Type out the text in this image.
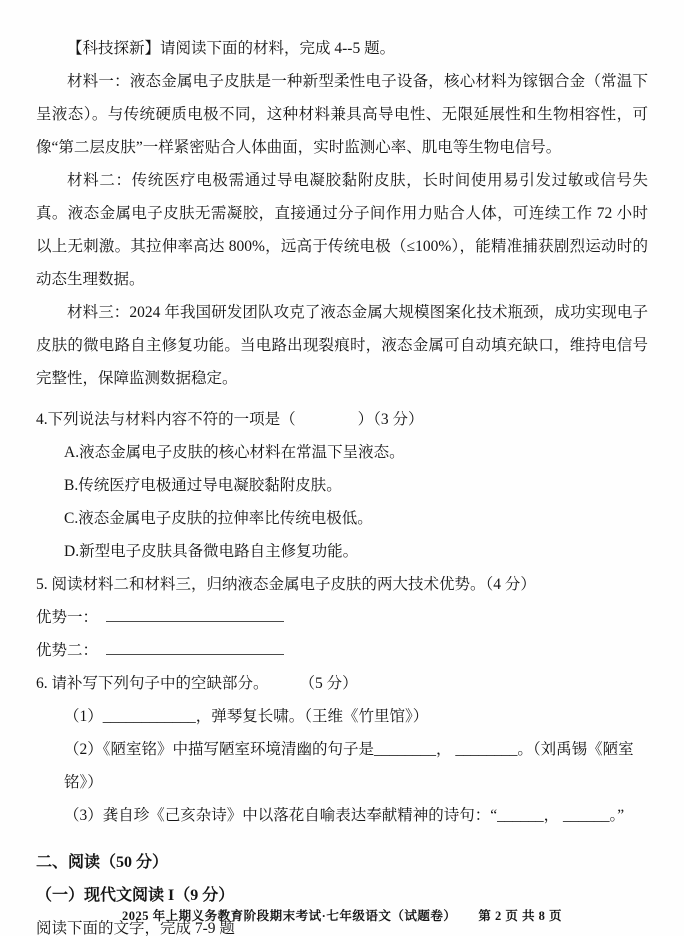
【科技探新】请阅读下面的材料，完成 4--5 题。

材料一：液态金属电子皮肤是一种新型柔性电子设备，核心材料为镓铟合金（常温下呈液态）。与传统硬质电极不同，这种材料兼具高导电性、无限延展性和生物相容性，可像“第二层皮肤”一样紧密贴合人体曲面，实时监测心率、肌电等生物电信号。

材料二：传统医疗电极需通过导电凝胶黏附皮肤，长时间使用易引发过敏或信号失真。液态金属电子皮肤无需凝胶，直接通过分子间作用力贴合人体，可连续工作 72 小时以上无刺激。其拉伸率高达 800%，远高于传统电极（≤100%），能精准捕获剧烈运动时的动态生理数据。

材料三：2024 年我国研发团队攻克了液态金属大规模图案化技术瓶颈，成功实现电子皮肤的微电路自主修复功能。当电路出现裂痕时，液态金属可自动填充缺口，维持电信号完整性，保障监测数据稳定。

4.下列说法与材料内容不符的一项是（　　　　）（3 分）

A.液态金属电子皮肤的核心材料在常温下呈液态。

B.传统医疗电极通过导电凝胶黏附皮肤。

C.液态金属电子皮肤的拉伸率比传统电极低。

D.新型电子皮肤具备微电路自主修复功能。

5. 阅读材料二和材料三，归纳液态金属电子皮肤的两大技术优势。（4 分）

优势一：

优势二：

6. 请补写下列句子中的空缺部分。　　　（5 分）

（1）____________，弹琴复长啸。（王维《竹里馆》）

（2）《陋室铭》中描写陋室环境清幽的句子是________， ________。（刘禹锡《陋室铭》）

（3）龚自珍《己亥杂诗》中以落花自喻表达奉献精神的诗句：“______， ______。”

二、阅读（50 分）

（一）现代文阅读 I（9 分）

阅读下面的文字，完成 7-9 题

2025 年上期义务教育阶段期末考试·七年级语文（试题卷） 第 2 页 共 8 页
